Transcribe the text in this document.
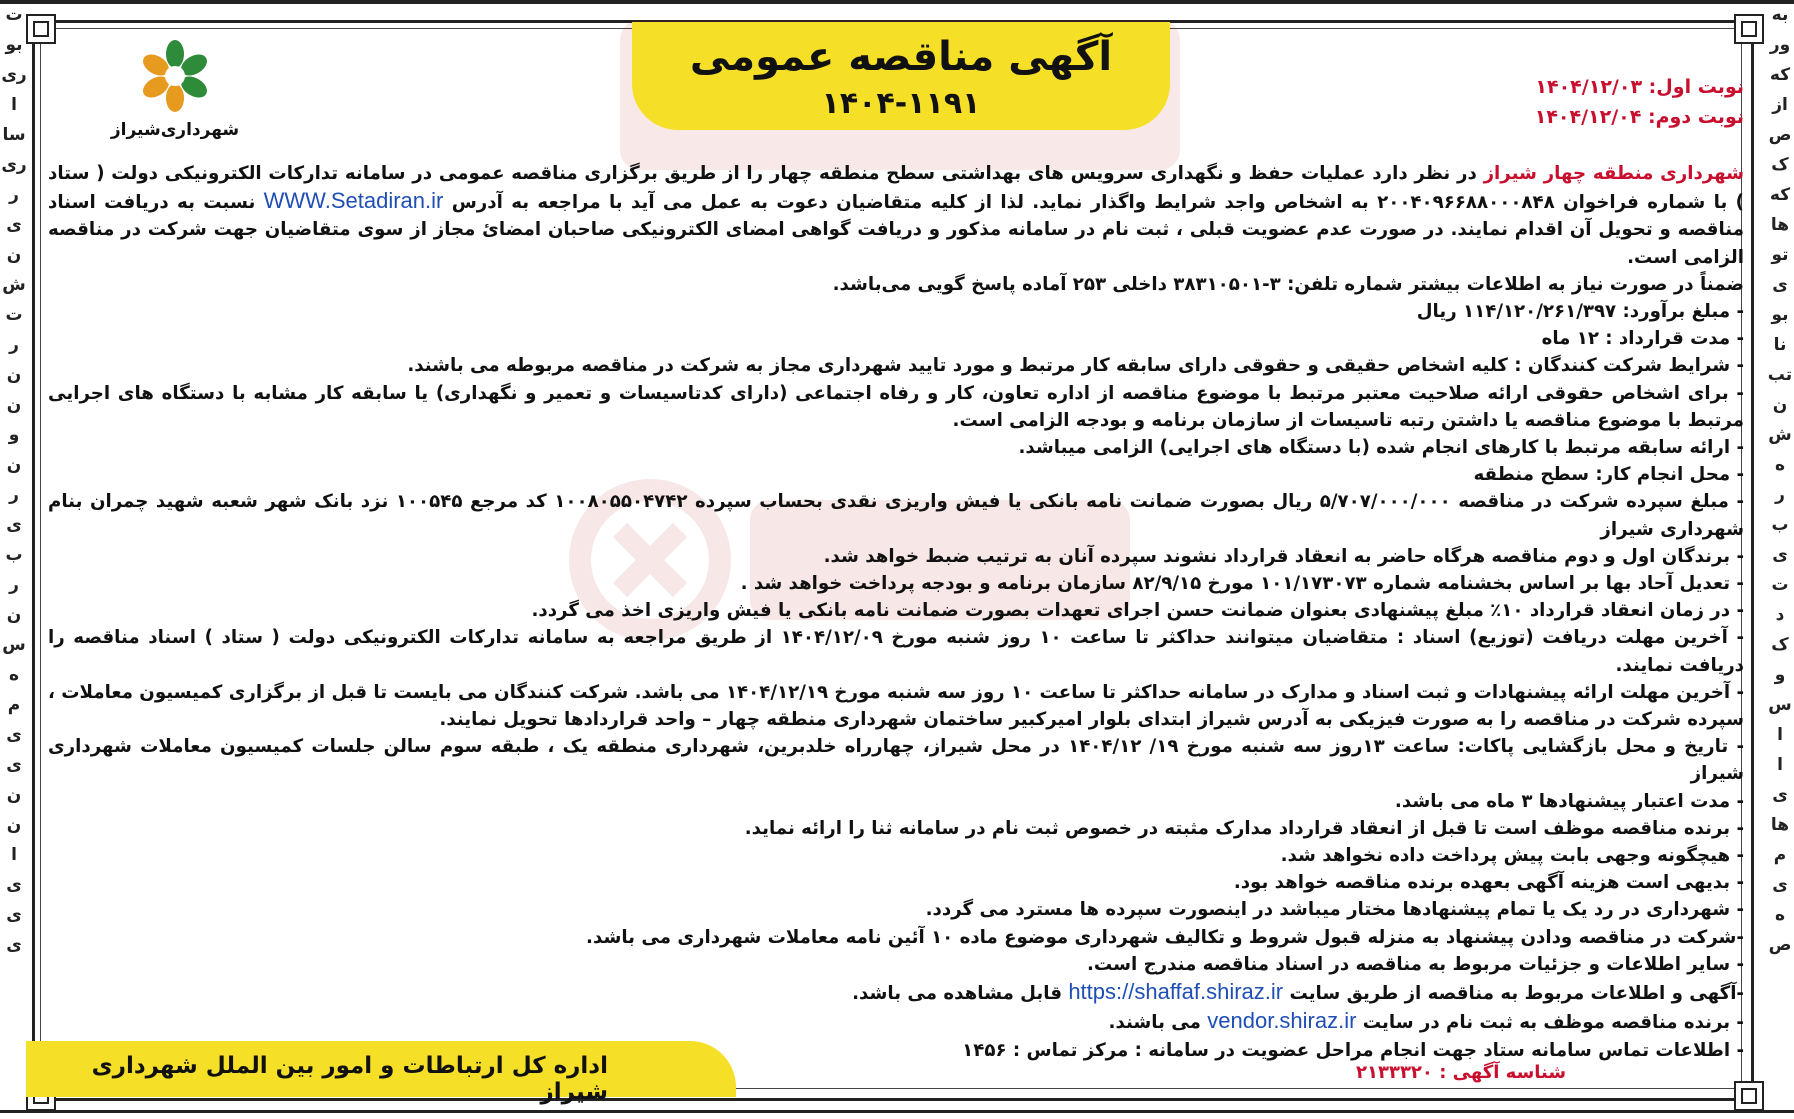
به
ور
که
از
ص
ک
که
ها
تو
ی
بو
نا
تب
ن
ش
ه
ر
ب
ی
ت
د
ک
و
س
ا
ا
ی
ها
م
ی
ه
ص
ت
بو
ری
ا
سا
ری
ر
ی
ن
ش
ت
ر
ن
ن
و
ن
ر
ی
ب
ر
ن
س
ه
م
ی
ی
ن
ن
ا
ی
ی
ی
آگهی مناقصه عمومی
۱۴۰۴-۱۱۹۱
شهرداری‌شیراز
نوبت اول: ۱۴۰۴/۱۲/۰۳
نوبت دوم: ۱۴۰۴/۱۲/۰۴

شهرداری منطقه چهار شیراز در نظر دارد عملیات حفظ و نگهداری سرویس های بهداشتی سطح منطقه چهار را از طریق برگزاری مناقصه عمومی در سامانه تدارکات الکترونیکی دولت ( ستاد ) با شماره فراخوان ۲۰۰۴۰۹۶۶۸۸۰۰۰۸۴۸ به اشخاص واجد شرایط واگذار نماید. لذا از کلیه متقاضیان دعوت به عمل می آید با مراجعه به آدرس WWW.Setadiran.ir نسبت به دریافت اسناد مناقصه و تحویل آن اقدام نمایند. در صورت عدم عضویت قبلی ، ثبت نام در سامانه مذکور و دریافت گواهی امضای الکترونیکی صاحبان امضائ مجاز از سوی متقاضیان جهت شرکت در مناقصه الزامی است.

ضمناً در صورت نیاز به اطلاعات بیشتر شماره تلفن: ۳-۳۸۳۱۰۵۰۱ داخلی ۲۵۳ آماده پاسخ گویی می‌باشد.

- مبلغ برآورد: ۱۱۴/۱۲۰/۲۶۱/۳۹۷ ریال

- مدت قرارداد : ۱۲ ماه

- شرایط شرکت کنندگان : کلیه اشخاص حقیقی و حقوقی دارای سابقه کار مرتبط و مورد تایید شهرداری مجاز به شرکت در مناقصه مربوطه می باشند.

- برای اشخاص حقوقی ارائه صلاحیت معتبر مرتبط با موضوع مناقصه از اداره تعاون، کار و رفاه اجتماعی (دارای کدتاسیسات و تعمیر و نگهداری) یا سابقه کار مشابه با دستگاه های اجرایی مرتبط با موضوع مناقصه یا داشتن رتبه تاسیسات از سازمان برنامه و بودجه الزامی است.

- ارائه سابقه مرتبط با کارهای انجام شده (با دستگاه های اجرایی) الزامی میباشد.

- محل انجام کار: سطح منطقه

- مبلغ سپرده شرکت در مناقصه ۵/۷۰۷/۰۰۰/۰۰۰ ریال بصورت ضمانت نامه بانکی یا فیش واریزی نقدی بحساب سپرده ۱۰۰۸۰۵۵۰۴۷۴۲ کد مرجع ۱۰۰۵۴۵ نزد بانک شهر شعبه شهید چمران بنام شهرداری شیراز

- برندگان اول و دوم مناقصه هرگاه حاضر به انعقاد قرارداد نشوند سپرده آنان به ترتیب ضبط خواهد شد.

- تعدیل آحاد بها بر اساس بخشنامه شماره ۱۰۱/۱۷۳۰۷۳ مورخ ۸۲/۹/۱۵ سازمان برنامه و بودجه پرداخت خواهد شد .

- در زمان انعقاد قرارداد ۱۰٪ مبلغ پیشنهادی بعنوان ضمانت حسن اجرای تعهدات بصورت ضمانت نامه بانکی یا فیش واریزی اخذ می گردد.

- آخرین مهلت دریافت (توزیع) اسناد : متقاضیان میتوانند حداکثر تا ساعت ۱۰ روز شنبه مورخ ۱۴۰۴/۱۲/۰۹ از طریق مراجعه به سامانه تدارکات الکترونیکی دولت ( ستاد ) اسناد مناقصه را دریافت نمایند.

- آخرین مهلت ارائه پیشنهادات و ثبت اسناد و مدارک در سامانه حداکثر تا ساعت ۱۰ روز سه شنبه مورخ ۱۴۰۴/۱۲/۱۹ می باشد. شرکت کنندگان می بایست تا قبل از برگزاری کمیسیون معاملات ، سپرده شرکت در مناقصه را به صورت فیزیکی به آدرس شیراز ابتدای بلوار امیرکبیر ساختمان شهرداری منطقه چهار – واحد قراردادها تحویل نمایند.

- تاریخ و محل بازگشایی پاکات: ساعت ۱۳روز سه شنبه مورخ ۱۹/ ۱۴۰۴/۱۲ در محل شیراز، چهارراه خلدبرین، شهرداری منطقه یک ، طبقه سوم سالن جلسات کمیسیون معاملات شهرداری شیراز

- مدت اعتبار پیشنهادها ۳ ماه می باشد.

- برنده مناقصه موظف است تا قبل از انعقاد قرارداد مدارک مثبته در خصوص ثبت نام در سامانه ثنا را ارائه نماید.

- هیچگونه وجهی بابت پیش پرداخت داده نخواهد شد.

- بدیهی است هزینه آگهی بعهده برنده مناقصه خواهد بود.

- شهرداری در رد یک یا تمام پیشنهادها مختار میباشد در اینصورت سپرده ها مسترد می گردد.

-شرکت در مناقصه ودادن پیشنهاد به منزله قبول شروط و تکالیف شهرداری موضوع ماده ۱۰ آئین نامه معاملات شهرداری می باشد.

- سایر اطلاعات و جزئیات مربوط به مناقصه در اسناد مناقصه مندرج است.

-آگهی و اطلاعات مربوط به مناقصه از طریق سایت https://shaffaf.shiraz.ir قابل مشاهده می باشد.

- برنده مناقصه موظف به ثبت نام در سایت vendor.shiraz.ir می باشند.

- اطلاعات تماس سامانه ستاد جهت انجام مراحل عضویت در سامانه : مرکز تماس : ۱۴۵۶

اداره کل ارتباطات و امور بین الملل شهرداری شیراز
شناسه آگهی : ۲۱۳۳۳۲۰
